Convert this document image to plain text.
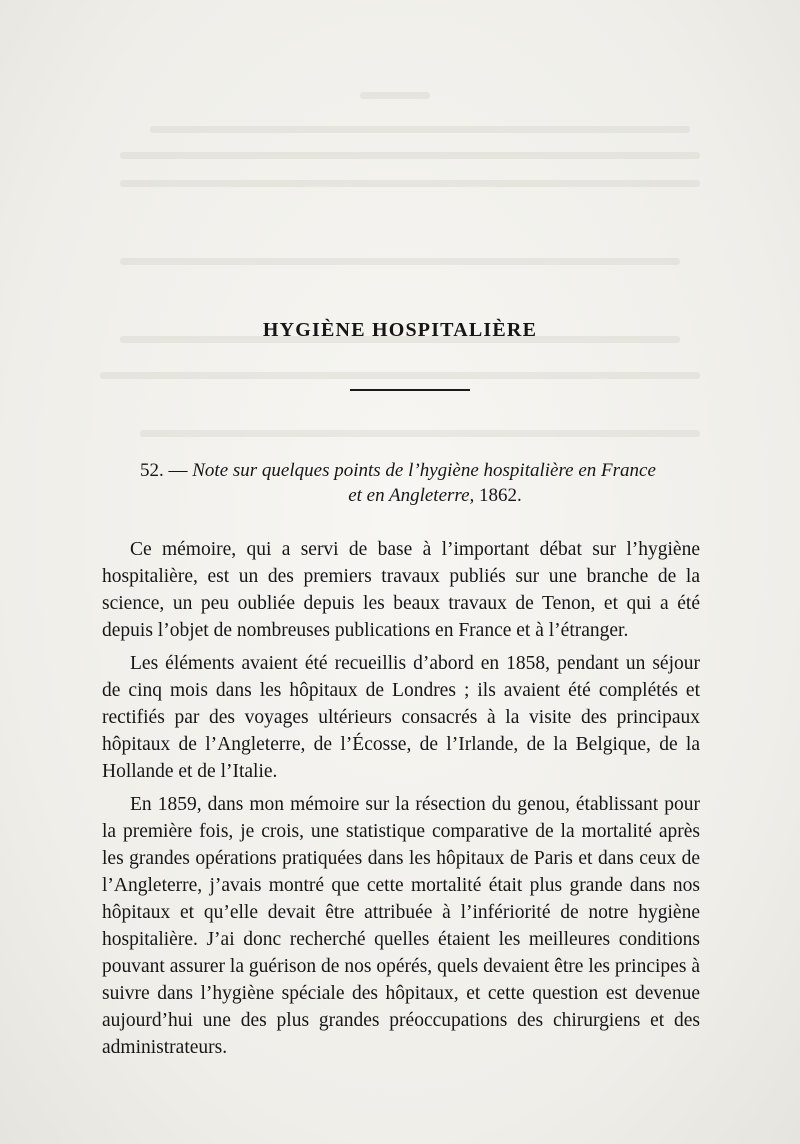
HYGIÈNE HOSPITALIÈRE
52. — Note sur quelques points de l’hygiène hospitalière en France
et en Angleterre, 1862.

Ce mémoire, qui a servi de base à l’important débat sur l’hygiène hospitalière, est un des premiers travaux publiés sur une branche de la science, un peu oubliée depuis les beaux travaux de Tenon, et qui a été depuis l’objet de nombreuses publications en France et à l’étranger.

Les éléments avaient été recueillis d’abord en 1858, pendant un séjour de cinq mois dans les hôpitaux de Londres ; ils avaient été complétés et rectifiés par des voyages ultérieurs consacrés à la visite des principaux hôpitaux de l’Angleterre, de l’Écosse, de l’Irlande, de la Belgique, de la Hollande et de l’Italie.

En 1859, dans mon mémoire sur la résection du genou, établissant pour la première fois, je crois, une statistique comparative de la mortalité après les grandes opérations pratiquées dans les hôpitaux de Paris et dans ceux de l’Angleterre, j’avais montré que cette mortalité était plus grande dans nos hôpitaux et qu’elle devait être attribuée à l’infériorité de notre hygiène hospitalière. J’ai donc recherché quelles étaient les meilleures conditions pouvant assurer la guérison de nos opérés, quels devaient être les principes à suivre dans l’hygiène spéciale des hôpitaux, et cette question est devenue aujourd’hui une des plus grandes préoccupations des chirurgiens et des administrateurs.
